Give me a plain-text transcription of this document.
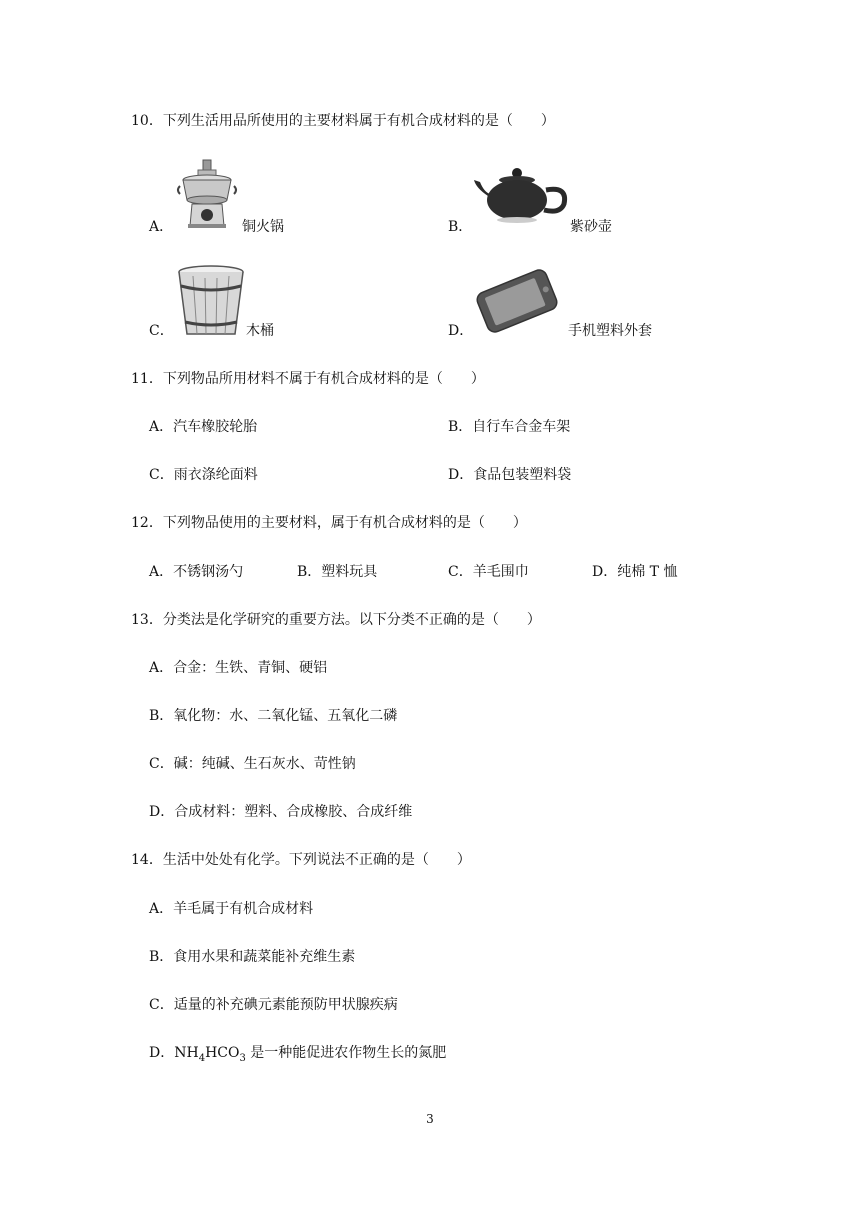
10．下列生活用品所使用的主要材料属于有机合成材料的是（　　）
A．	铜火锅	B．	紫砂壶
C．	木桶	D．	手机塑料外套
11．下列物品所用材料不属于有机合成材料的是（　　）
A．汽车橡胶轮胎	B．自行车合金车架
C．雨衣涤纶面料	D．食品包装塑料袋
12．下列物品使用的主要材料，属于有机合成材料的是（　　）
A．不锈钢汤勺	B．塑料玩具	C．羊毛围巾	D．纯棉 T 恤
13．分类法是化学研究的重要方法。以下分类不正确的是（　　）
A．合金：生铁、青铜、硬铝
B．氧化物：水、二氧化锰、五氧化二磷
C．碱：纯碱、生石灰水、苛性钠
D．合成材料：塑料、合成橡胶、合成纤维
14．生活中处处有化学。下列说法不正确的是（　　）
A．羊毛属于有机合成材料
B．食用水果和蔬菜能补充维生素
C．适量的补充碘元素能预防甲状腺疾病
D．$NH_4HCO_3$ 是一种能促进农作物生长的氮肥
3
